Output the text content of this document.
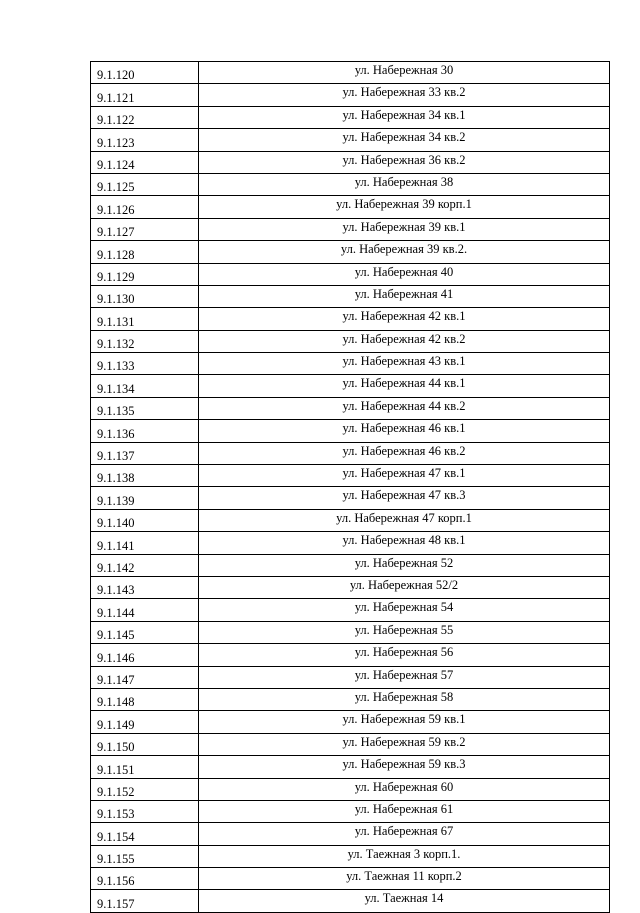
9.1.120	ул. Набережная 30
9.1.121	ул. Набережная 33 кв.2
9.1.122	ул. Набережная 34 кв.1
9.1.123	ул. Набережная 34 кв.2
9.1.124	ул. Набережная 36 кв.2
9.1.125	ул. Набережная 38
9.1.126	ул. Набережная 39 корп.1
9.1.127	ул. Набережная 39 кв.1
9.1.128	ул. Набережная 39 кв.2.
9.1.129	ул. Набережная 40
9.1.130	ул. Набережная 41
9.1.131	ул. Набережная 42 кв.1
9.1.132	ул. Набережная 42 кв.2
9.1.133	ул. Набережная 43 кв.1
9.1.134	ул. Набережная 44 кв.1
9.1.135	ул. Набережная 44 кв.2
9.1.136	ул. Набережная 46 кв.1
9.1.137	ул. Набережная 46 кв.2
9.1.138	ул. Набережная 47 кв.1
9.1.139	ул. Набережная 47 кв.3
9.1.140	ул. Набережная 47 корп.1
9.1.141	ул. Набережная 48 кв.1
9.1.142	ул. Набережная 52
9.1.143	ул. Набережная 52/2
9.1.144	ул. Набережная 54
9.1.145	ул. Набережная 55
9.1.146	ул. Набережная 56
9.1.147	ул. Набережная 57
9.1.148	ул. Набережная 58
9.1.149	ул. Набережная 59 кв.1
9.1.150	ул. Набережная 59 кв.2
9.1.151	ул. Набережная 59 кв.3
9.1.152	ул. Набережная 60
9.1.153	ул. Набережная 61
9.1.154	ул. Набережная 67
9.1.155	ул. Таежная 3 корп.1.
9.1.156	ул. Таежная 11 корп.2
9.1.157	ул. Таежная 14
